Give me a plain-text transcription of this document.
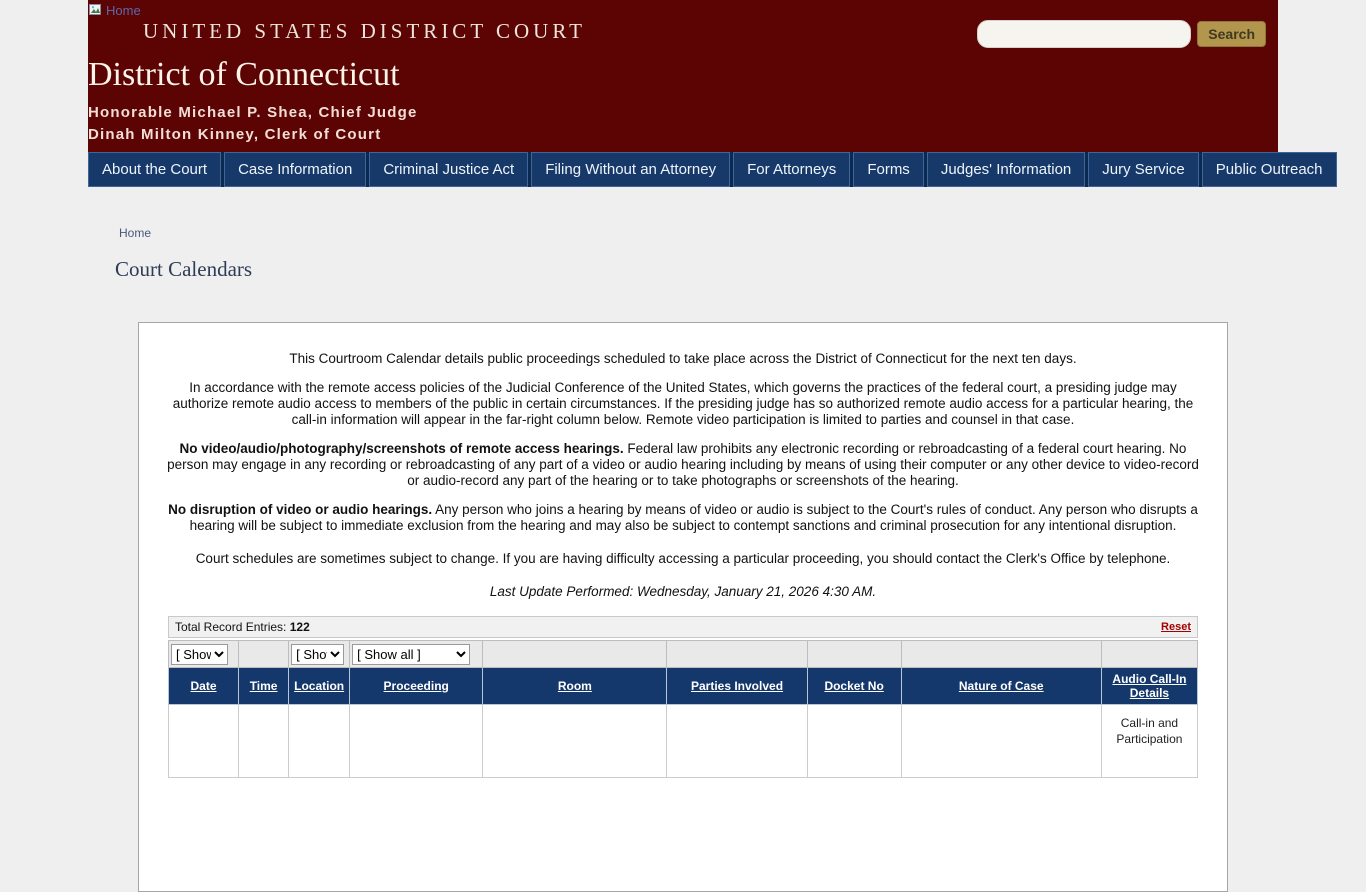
Home
UNITED STATES DISTRICT COURT
District of Connecticut
Honorable Michael P. Shea, Chief Judge
Dinah Milton Kinney, Clerk of Court
Search
About the Court	Case Information	Criminal Justice Act	Filing Without an Attorney	For Attorneys	Forms	Judges' Information	Jury Service	Public Outreach
Home
Court Calendars

This Courtroom Calendar details public proceedings scheduled to take place across the District of Connecticut for the next ten days.

In accordance with the remote access policies of the Judicial Conference of the United States, which governs the practices of the federal court, a presiding judge may authorize remote audio access to members of the public in certain circumstances. If the presiding judge has so authorized remote audio access for a particular hearing, the call-in information will appear in the far-right column below. Remote video participation is limited to parties and counsel in that case.

No video/audio/photography/screenshots of remote access hearings. Federal law prohibits any electronic recording or rebroadcasting of a federal court hearing. No person may engage in any recording or rebroadcasting of any part of a video or audio hearing including by means of using their computer or any other device to video-record or audio-record any part of the hearing or to take photographs or screenshots of the hearing.

No disruption of video or audio hearings. Any person who joins a hearing by means of video or audio is subject to the Court's rules of conduct. Any person who disrupts a hearing will be subject to immediate exclusion from the hearing and may also be subject to contempt sanctions and criminal prosecution for any intentional disruption.

Court schedules are sometimes subject to change. If you are having difficulty accessing a particular proceeding, you should contact the Clerk's Office by telephone.

Last Update Performed: Wednesday, January 21, 2026 4:30 AM.

Total Record Entries: 122	Reset
[ Show all ]		
[ Show all ]	
[ Show all ]					
Date	Time	Location	Proceeding	Room	Parties Involved	Docket No	Nature of Case	Audio Call-In Details
								Call-in and Participation
